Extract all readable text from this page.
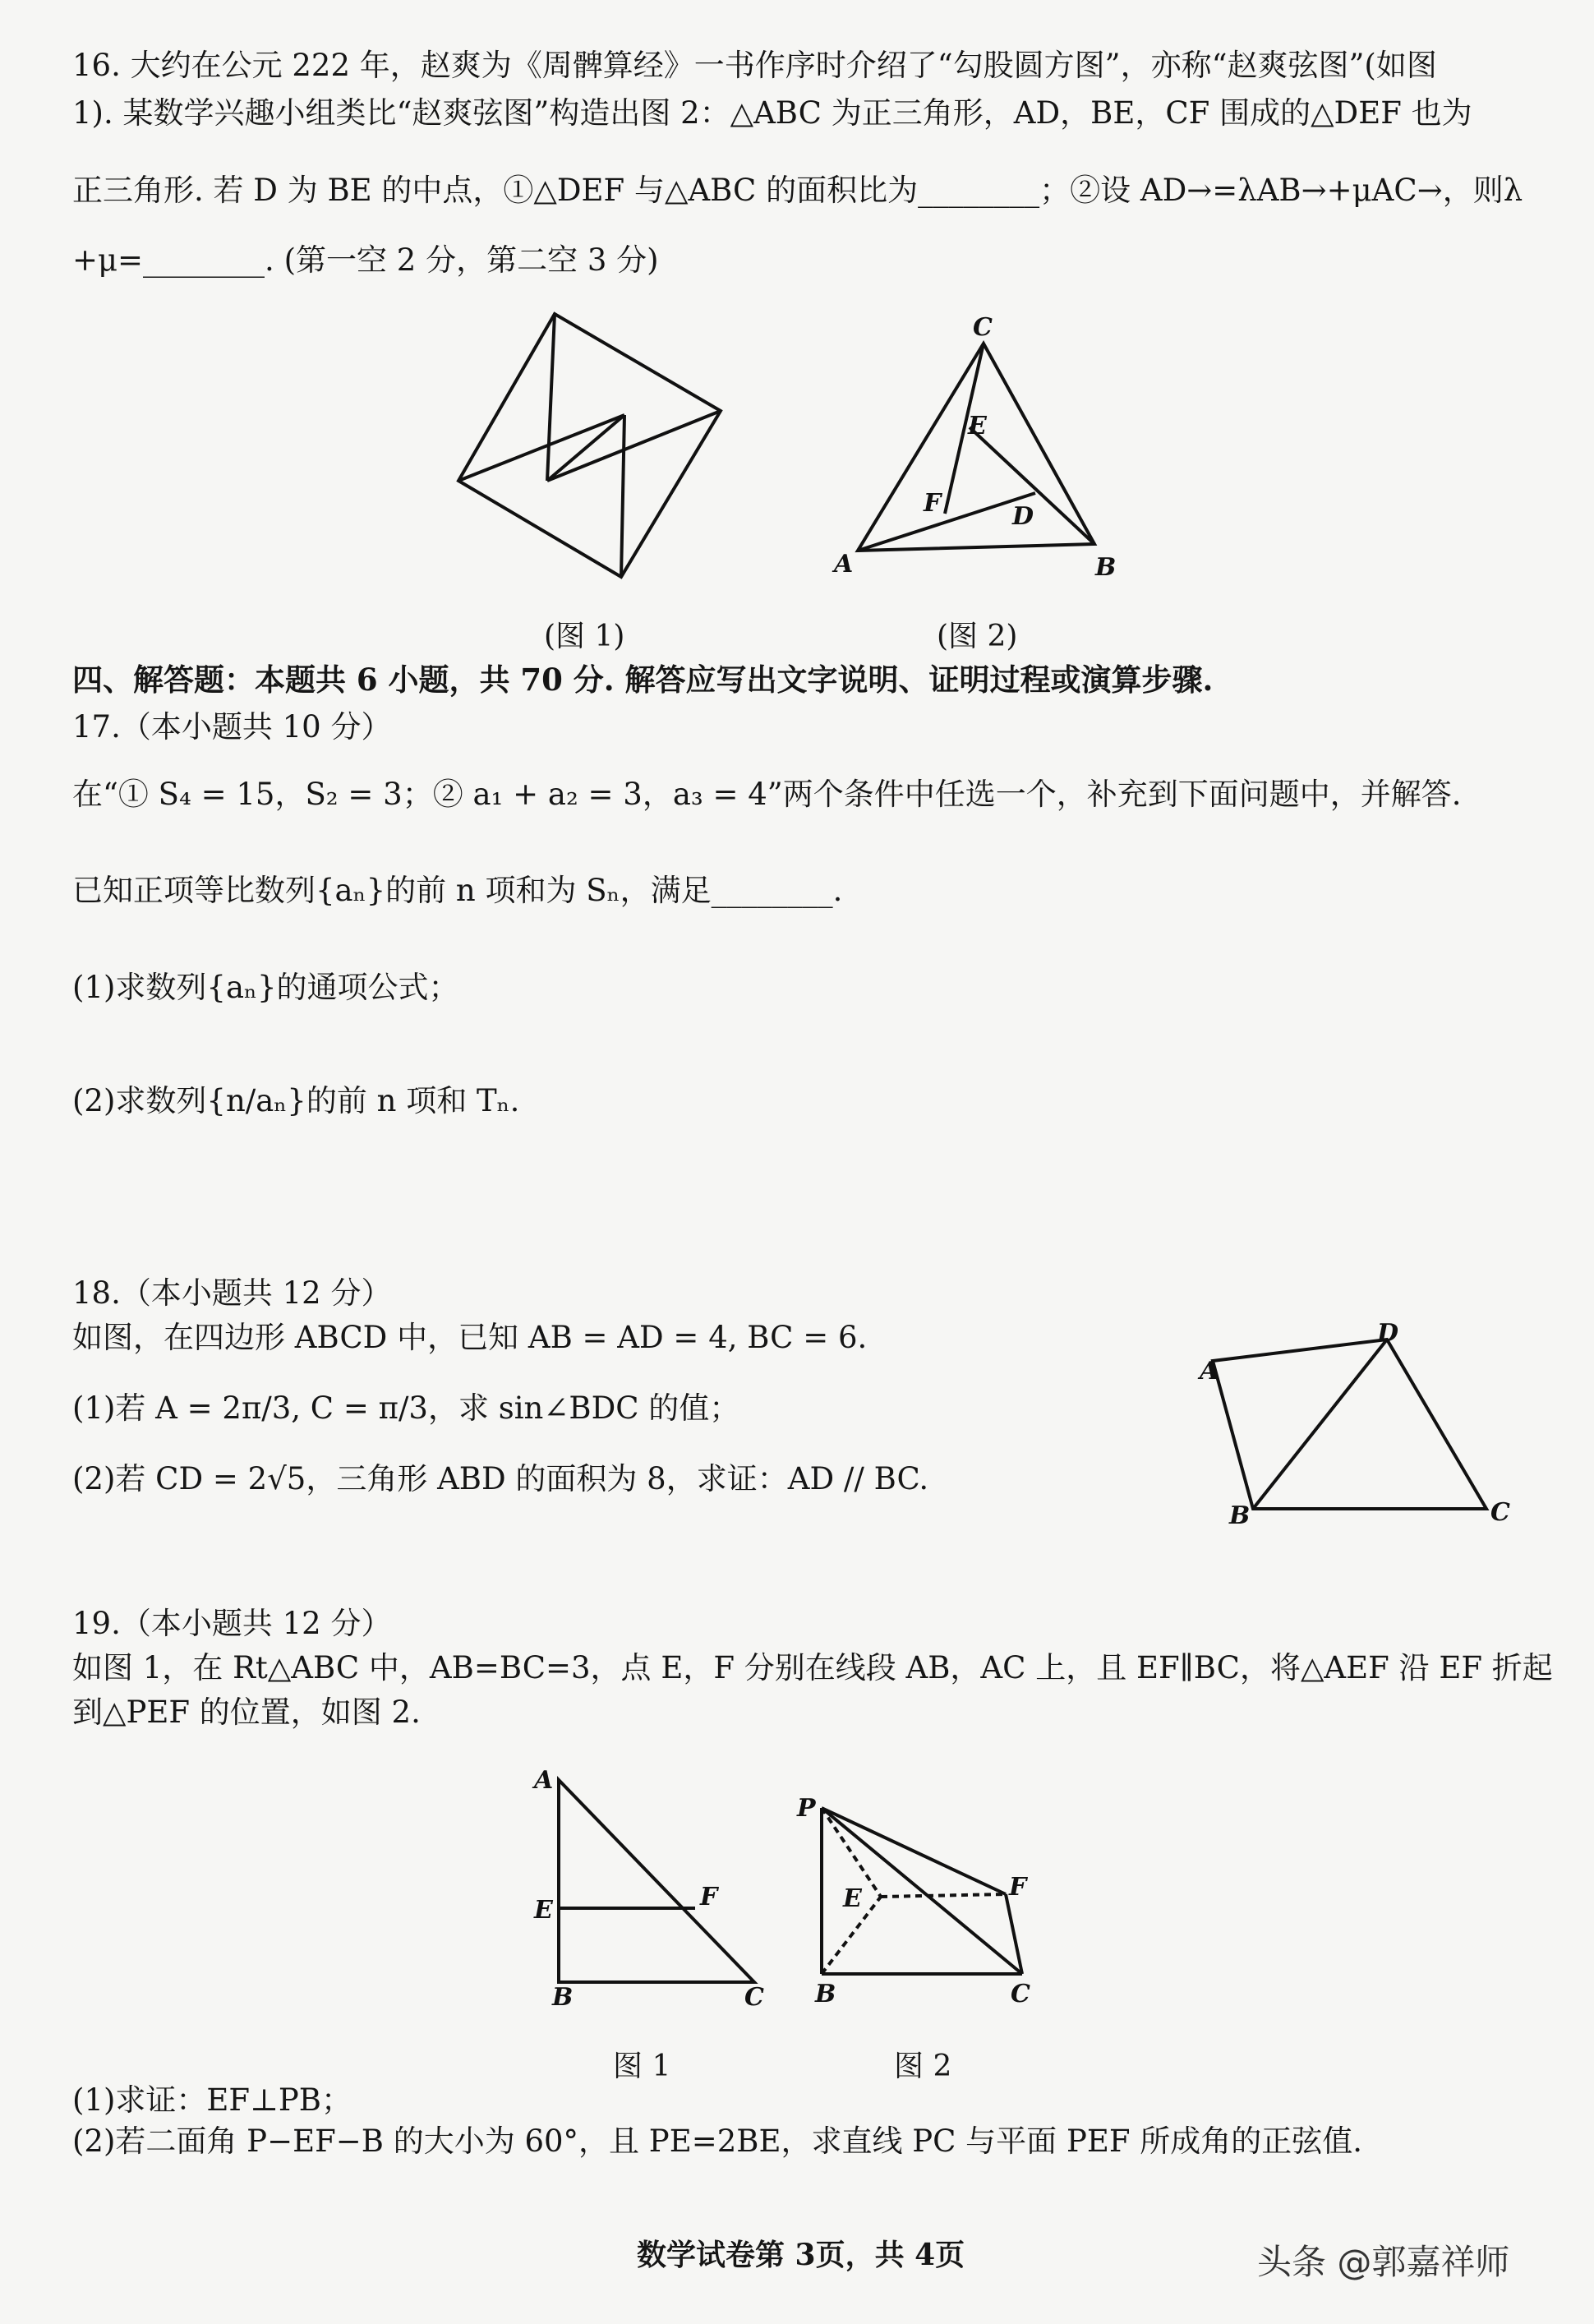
16. 大约在公元 222 年，赵爽为《周髀算经》一书作序时介绍了“勾股圆方图”，亦称“赵爽弦图”(如图
1). 某数学兴趣小组类比“赵爽弦图”构造出图 2：△ABC 为正三角形，AD，BE，CF 围成的△DEF 也为
正三角形. 若 D 为 BE 的中点，①△DEF 与△ABC 的面积比为________；②设 AD→=λAB→+μAC→，则λ
+μ=________. (第一空 2 分，第二空 3 分)
C
E
F	D
A	B
A
D
C
B
A
E	F
B	C
P
E	F
B	C
(图 1)	(图 2)
四、解答题：本题共 6 小题，共 70 分. 解答应写出文字说明、证明过程或演算步骤.
17.（本小题共 10 分）
在“① S₄ = 15，S₂ = 3；② a₁ + a₂ = 3，a₃ = 4”两个条件中任选一个，补充到下面问题中，并解答.
已知正项等比数列{aₙ}的前 n 项和为 Sₙ，满足________.
(1)求数列{aₙ}的通项公式；
(2)求数列{n/aₙ}的前 n 项和 Tₙ.
18.（本小题共 12 分）
如图，在四边形 ABCD 中，已知 AB = AD = 4, BC = 6.
(1)若 A = 2π/3, C = π/3，求 sin∠BDC 的值；
(2)若 CD = 2√5，三角形 ABD 的面积为 8，求证：AD // BC.
19.（本小题共 12 分）
如图 1，在 Rt△ABC 中，AB=BC=3，点 E，F 分别在线段 AB，AC 上，且 EF∥BC，将△AEF 沿 EF 折起
到△PEF 的位置，如图 2.
图 1	图 2
(1)求证：EF⊥PB；
(2)若二面角 P−EF−B 的大小为 60°，且 PE=2BE，求直线 PC 与平面 PEF 所成角的正弦值.
数学试卷第 3页，共 4页	头条 @郭嘉祥师
